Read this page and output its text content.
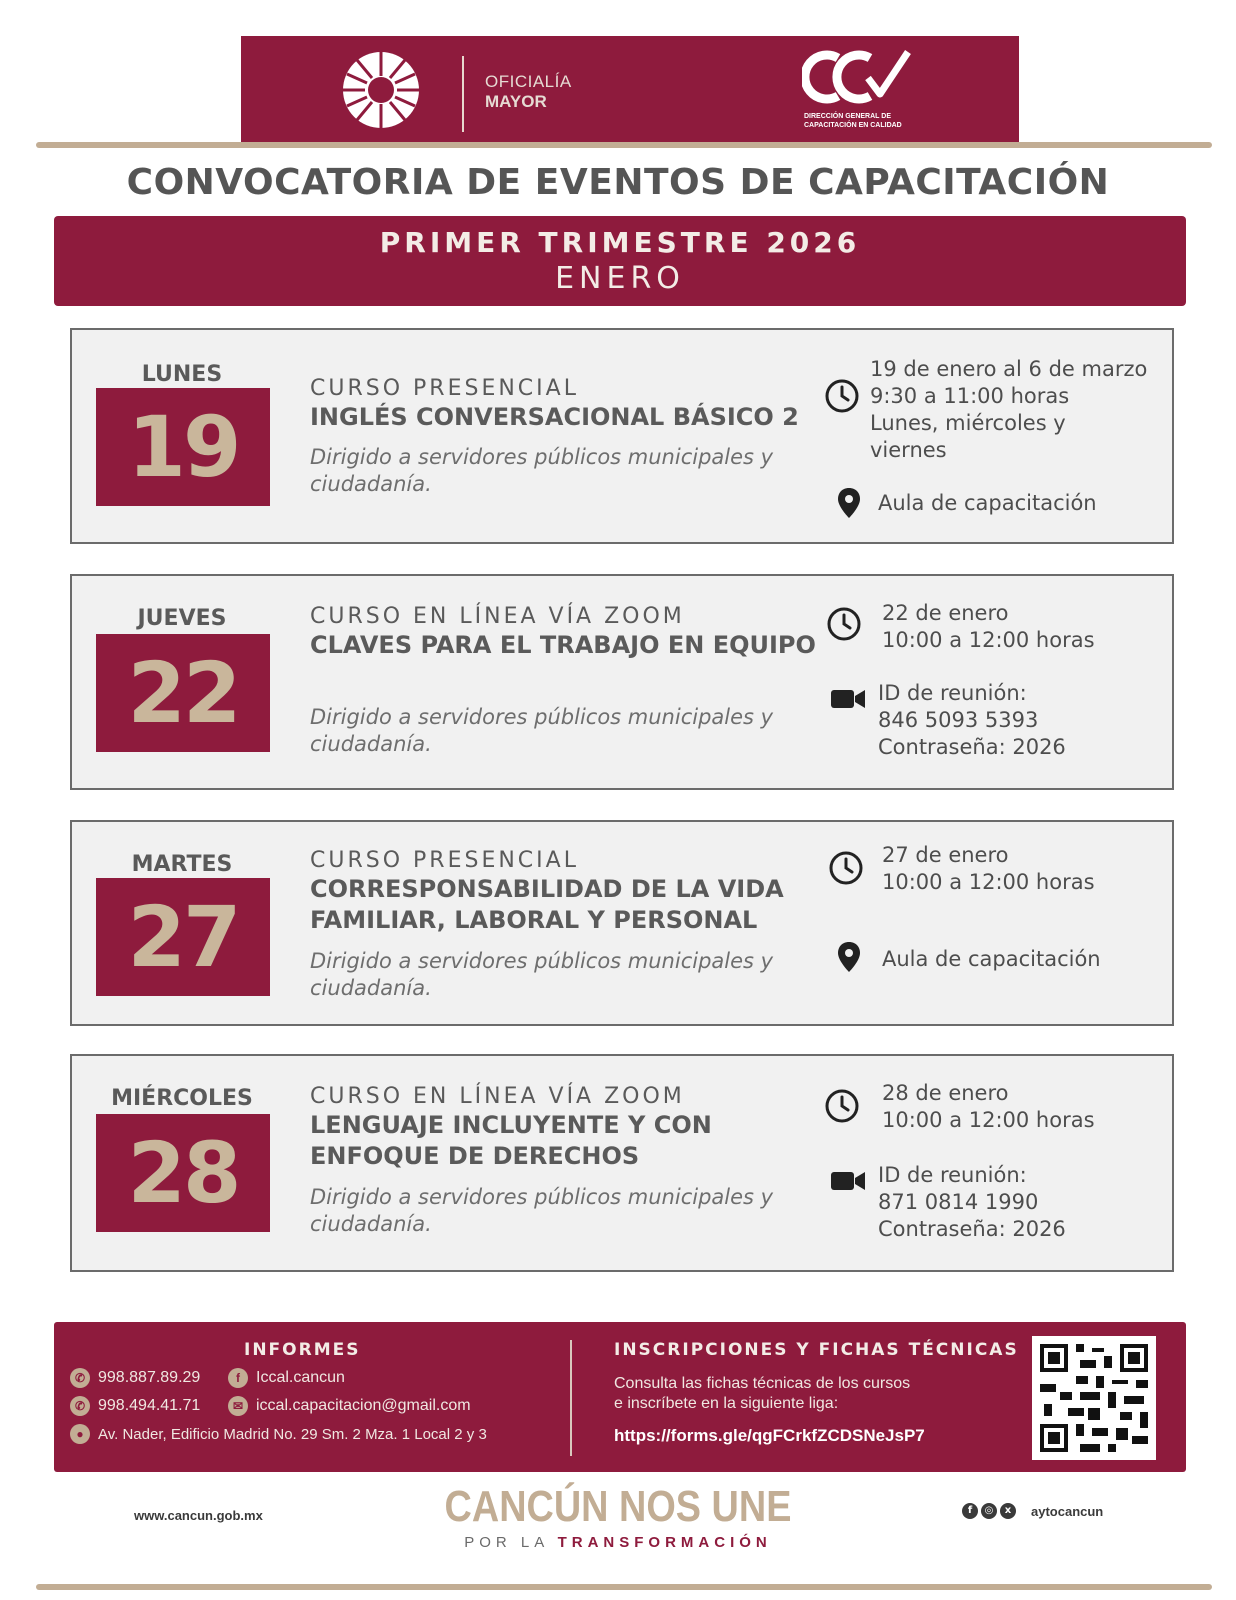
OFICIALÍA
MAYOR
DIRECCIÓN GENERAL DE CAPACITACIÓN EN CALIDAD
CONVOCATORIA DE EVENTOS DE CAPACITACIÓN
PRIMER TRIMESTRE 2026
ENERO
LUNES
19
CURSO PRESENCIAL
INGLÉS CONVERSACIONAL BÁSICO 2
Dirigido a servidores públicos municipales y ciudadanía.
19 de enero al 6 de marzo
9:30 a 11:00 horas
Lunes, miércoles y
viernes
Aula de capacitación
JUEVES
22
CURSO EN LÍNEA VÍA ZOOM
CLAVES PARA EL TRABAJO EN EQUIPO
Dirigido a servidores públicos municipales y ciudadanía.
22 de enero
10:00 a 12:00 horas
ID de reunión:
846 5093 5393
Contraseña: 2026
MARTES
27
CURSO PRESENCIAL
CORRESPONSABILIDAD DE LA VIDA FAMILIAR, LABORAL Y PERSONAL
Dirigido a servidores públicos municipales y ciudadanía.
27 de enero
10:00 a 12:00 horas
Aula de capacitación
MIÉRCOLES
28
CURSO EN LÍNEA VÍA ZOOM
LENGUAJE INCLUYENTE Y CON ENFOQUE DE DERECHOS
Dirigido a servidores públicos municipales y ciudadanía.
28 de enero
10:00 a 12:00 horas
ID de reunión:
871 0814 1990
Contraseña: 2026
INFORMES
✆ 998.887.89.29
✆ 998.494.41.71
f	Iccal.cancun
✉ iccal.capacitacion@gmail.com
● Av. Nader, Edificio Madrid No. 29 Sm. 2 Mza. 1 Local 2 y 3
INSCRIPCIONES Y FICHAS TÉCNICAS
Consulta las fichas técnicas de los cursos
e inscríbete en la siguiente liga:
https://forms.gle/qgFCrkfZCDSNeJsP7
www.cancun.gob.mx	CANCÚN NOS UNE
POR LA TRANSFORMACIÓN
f	◎	x	aytocancun
